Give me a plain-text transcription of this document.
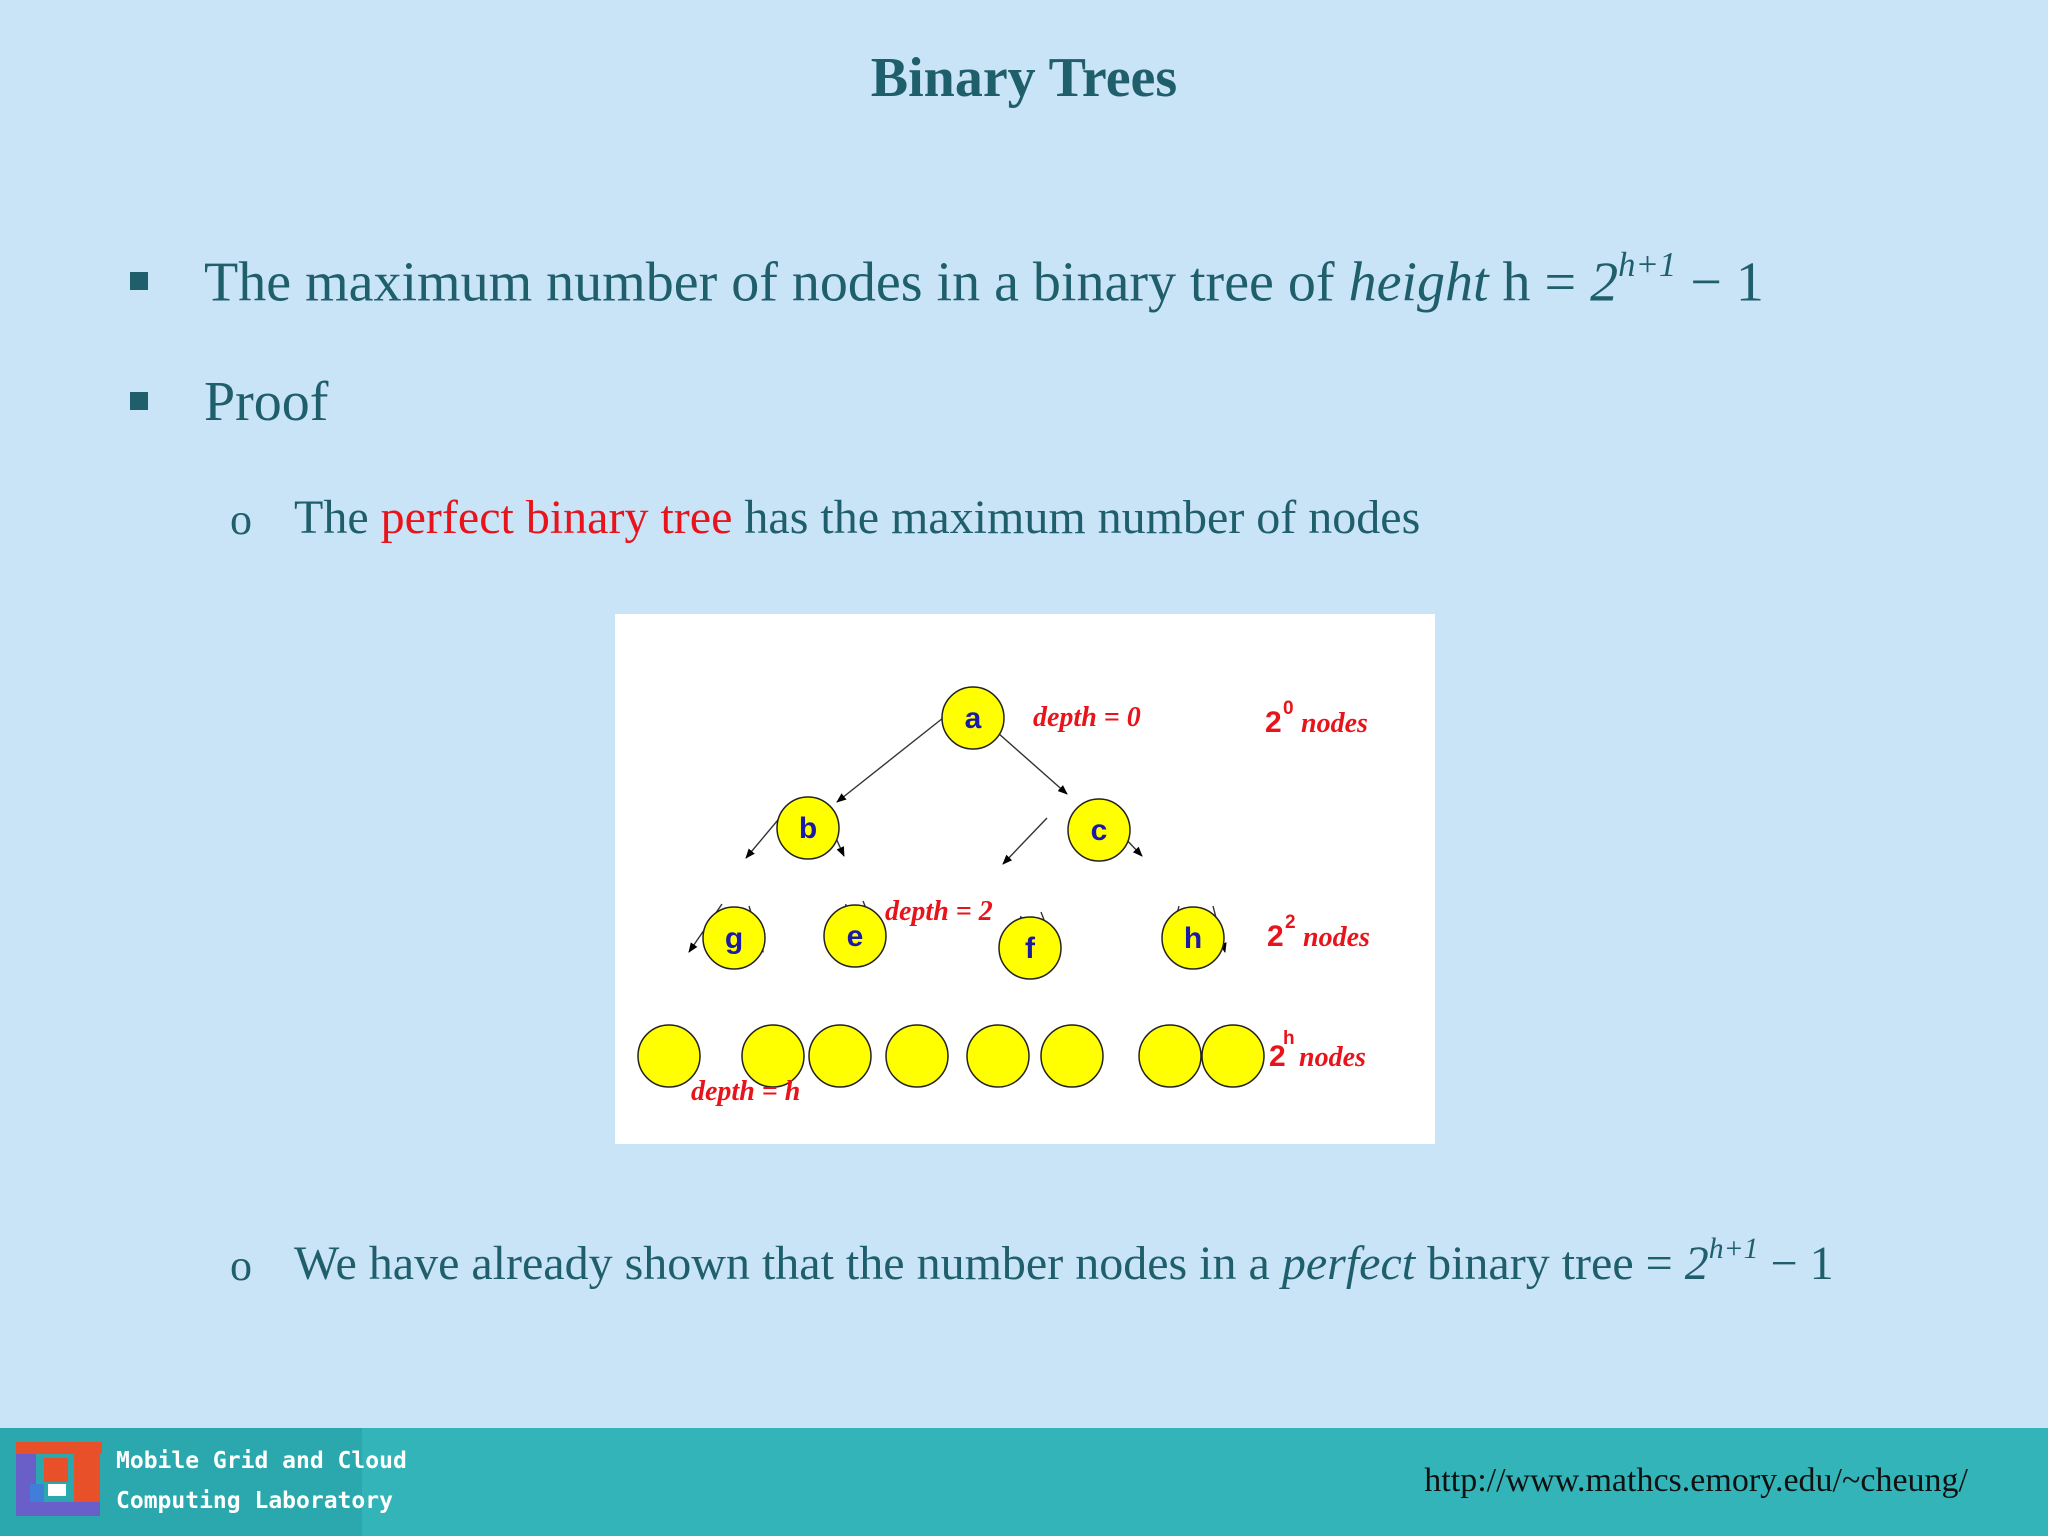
Binary Trees
The maximum number of nodes in a binary tree of height $h = 2^{h+1} - 1$
Proof
o The perfect binary tree has the maximum number of nodes
a
b	c
g	e	f	h
depth = 0
depth = 2
depth = h
2 0 nodes
2 2 nodes
2
h
nodes
o We have already shown that the number nodes in a perfect binary tree = $2^{h+1} - 1$
Mobile Grid and Cloud
Computing Laboratory
http://www.mathcs.emory.edu/~cheung/
